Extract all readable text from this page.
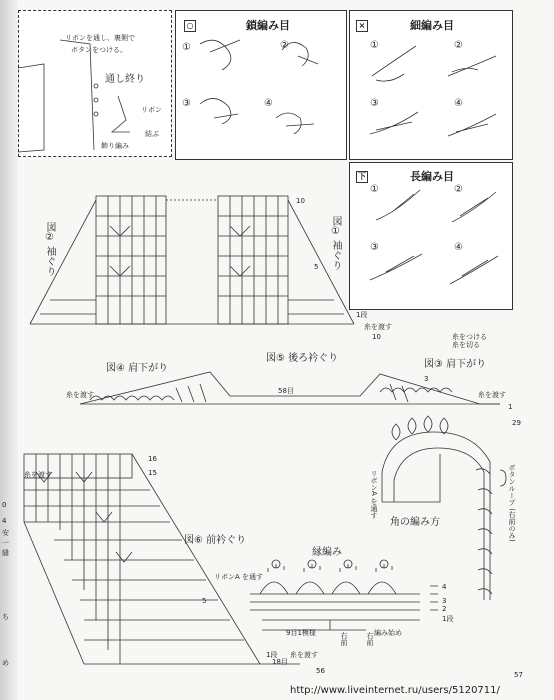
リボンを通し、裏側で
ボタンをつける。
通し終り
リボン
結ぶ
飾り編み
○	鎖編み目
①	②
③	④
×	細編み目
①	②
③	④
下	長編み目
①	②
③	④
図② 袖ぐり	図① 袖ぐり
10
5
1段
10
糸を渡す
糸をつける
糸を切る
図④ 肩下がり
糸を渡す
図⑤ 後ろ衿ぐり
58目
図③ 肩下がり
糸を渡す
3
1
29
図⑥ 前衿ぐり
16
15
5
1段
18目
56
糸を渡す
糸を渡す
リボンA を通す	ボタンループ (右前のみ)
角の編み方
縁編み
リボンA を通す
4
3
2
1段
9目1模様	編み始め
右前	右前
0
4
安
一
縫
ち
め
57
http://www.liveinternet.ru/users/5120711/
